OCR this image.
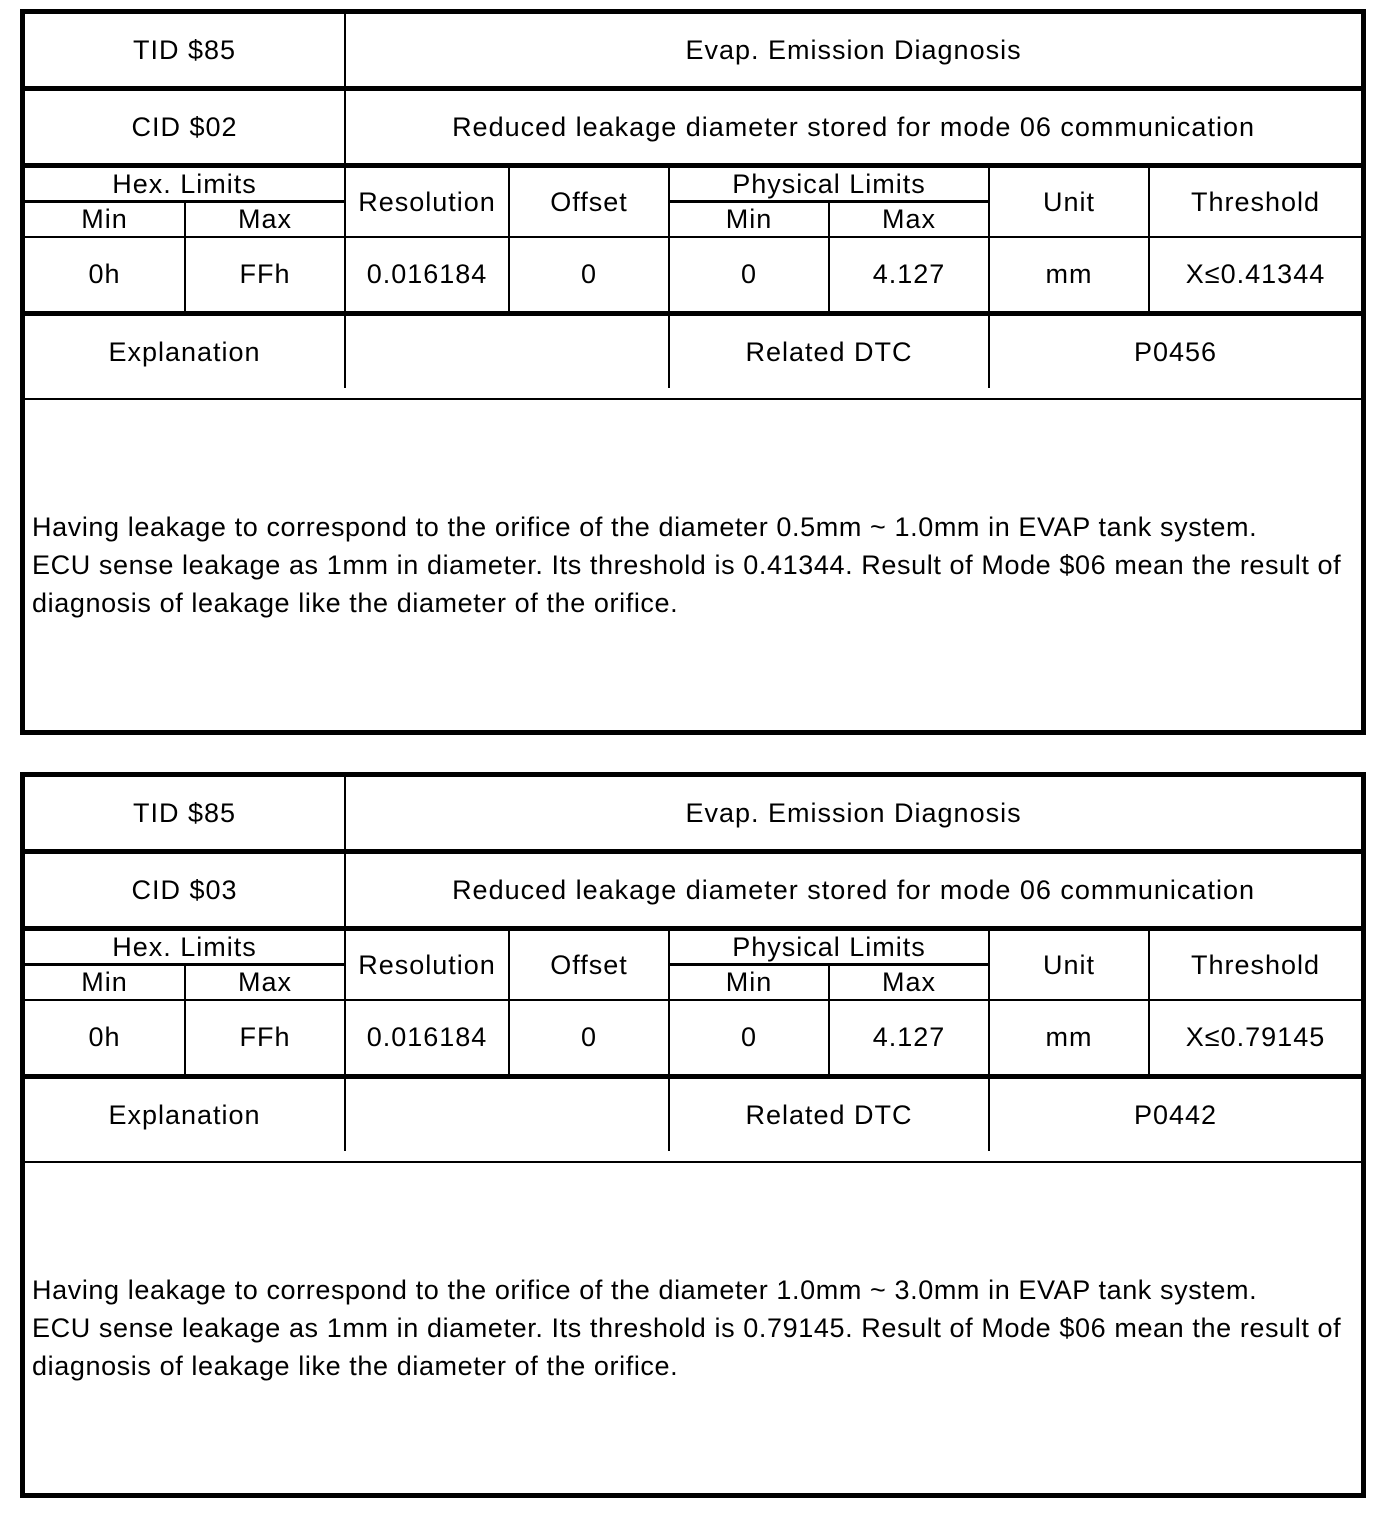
TID $85		Evap. Emission Diagnosis					
CID $02		Reduced leakage diameter stored for mode 06 communication					
Hex. Limits		Resolution	Offset	Physical Limits		Unit	Threshold
Min	Max			Min	Max		
0h	FFh	0.016184	0	0	4.127	mm	X≤0.41344
Explanation				Related DTC		P0456	

Having leakage to correspond to the orifice of the diameter 0.5mm ~ 1.0mm in EVAP tank system.

ECU sense leakage as 1mm in diameter. Its threshold is 0.41344. Result of Mode $06 mean the result of diagnosis of leakage like the diameter of the orifice.

TID $85		Evap. Emission Diagnosis					
CID $03		Reduced leakage diameter stored for mode 06 communication					
Hex. Limits		Resolution	Offset	Physical Limits		Unit	Threshold
Min	Max			Min	Max		
0h	FFh	0.016184	0	0	4.127	mm	X≤0.79145
Explanation				Related DTC		P0442	

Having leakage to correspond to the orifice of the diameter 1.0mm ~ 3.0mm in EVAP tank system.

ECU sense leakage as 1mm in diameter. Its threshold is 0.79145. Result of Mode $06 mean the result of diagnosis of leakage like the diameter of the orifice.
